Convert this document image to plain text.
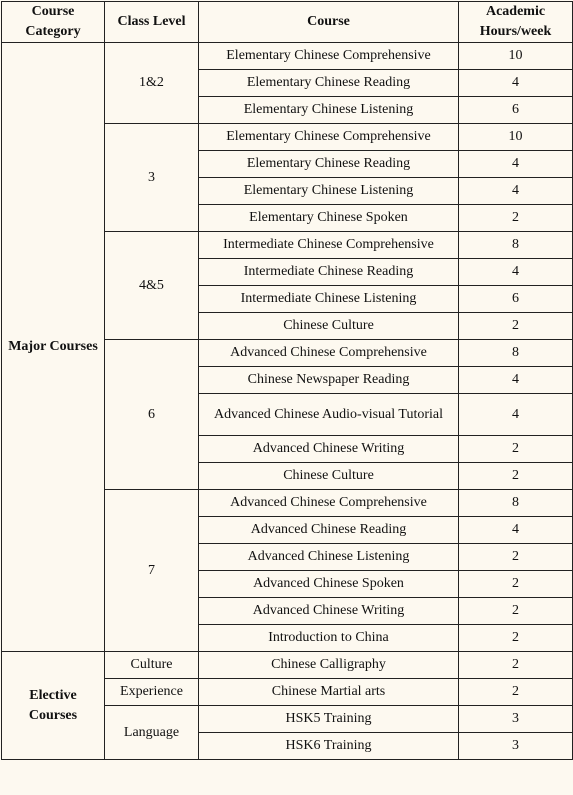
Course Category	Class Level	Course	Academic Hours/week
Major Courses	1&2	Elementary Chinese Comprehensive	10
		Elementary Chinese Reading	4
		Elementary Chinese Listening	6
	3	Elementary Chinese Comprehensive	10
		Elementary Chinese Reading	4
		Elementary Chinese Listening	4
		Elementary Chinese Spoken	2
	4&5	Intermediate Chinese Comprehensive	8
		Intermediate Chinese Reading	4
		Intermediate Chinese Listening	6
		Chinese Culture	2
	6	Advanced Chinese Comprehensive	8
		Chinese Newspaper Reading	4
		Advanced Chinese Audio-visual Tutorial	4
		Advanced Chinese Writing	2
		Chinese Culture	2
	7	Advanced Chinese Comprehensive	8
		Advanced Chinese Reading	4
		Advanced Chinese Listening	2
		Advanced Chinese Spoken	2
		Advanced Chinese Writing	2
		Introduction to China	2
Elective Courses	Culture	Chinese Calligraphy	2
	Experience	Chinese Martial arts	2
	Language	HSK5 Training	3
		HSK6 Training	3
